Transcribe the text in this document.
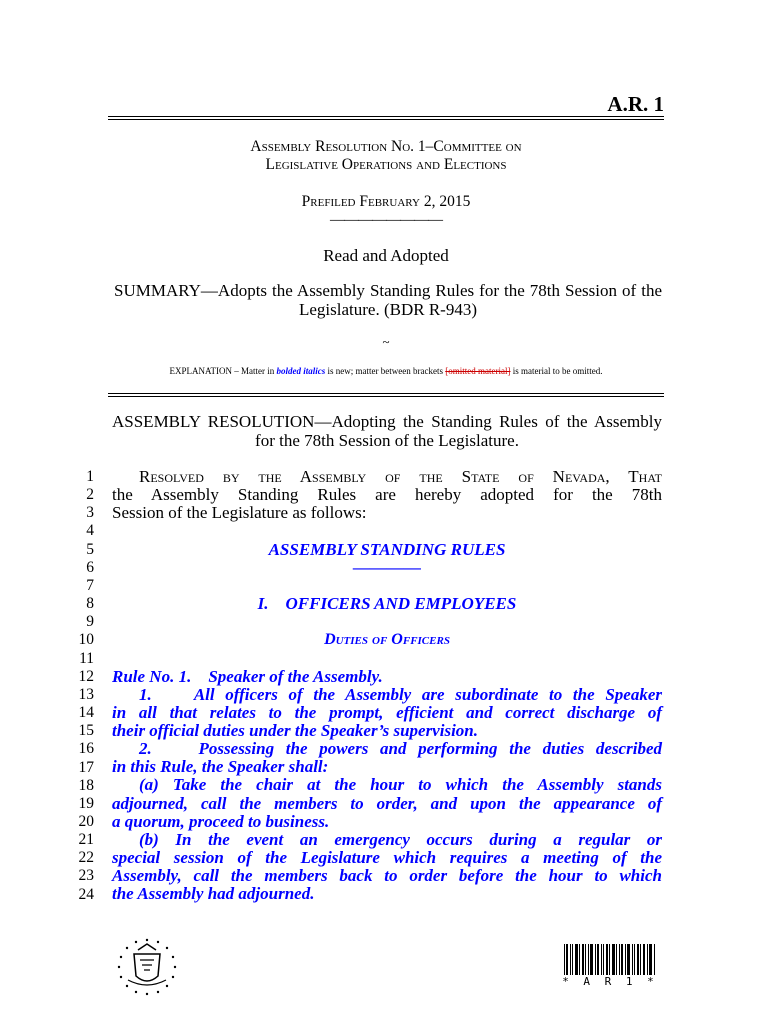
A.R. 1
Assembly Resolution No. 1–Committee on
Legislative Operations and Elections
Prefiled February 2, 2015
————————
Read and Adopted
SUMMARY—Adopts the Assembly Standing Rules for the 78th Session of the Legislature. (BDR R-943)
~
EXPLANATION – Matter in bolded italics is new; matter between brackets [omitted material] is material to be omitted.
ASSEMBLY RESOLUTION—Adopting the Standing Rules of the Assembly for the 78th Session of the Legislature.
1
2
3
4
5
6
7
8
9
10
11
12
13
14
15
16
17
18
19
20
21
22
23
24
Resolved by the Assembly of the State of Nevada, That
the Assembly Standing Rules are hereby adopted for the 78th
Session of the Legislature as follows:
ASSEMBLY STANDING RULES
————
I.    OFFICERS AND EMPLOYEES
Duties of Officers
Rule No. 1.    Speaker of the Assembly.
1.    All officers of the Assembly are subordinate to the Speaker
in all that relates to the prompt, efficient and correct discharge of
their official duties under the Speaker’s supervision.
2.    Possessing the powers and performing the duties described
in this Rule, the Speaker shall:
(a) Take the chair at the hour to which the Assembly stands
adjourned, call the members to order, and upon the appearance of
a quorum, proceed to business.
(b) In the event an emergency occurs during a regular or
special session of the Legislature which requires a meeting of the
Assembly, call the members back to order before the hour to which
the Assembly had adjourned.
* A R 1 *
